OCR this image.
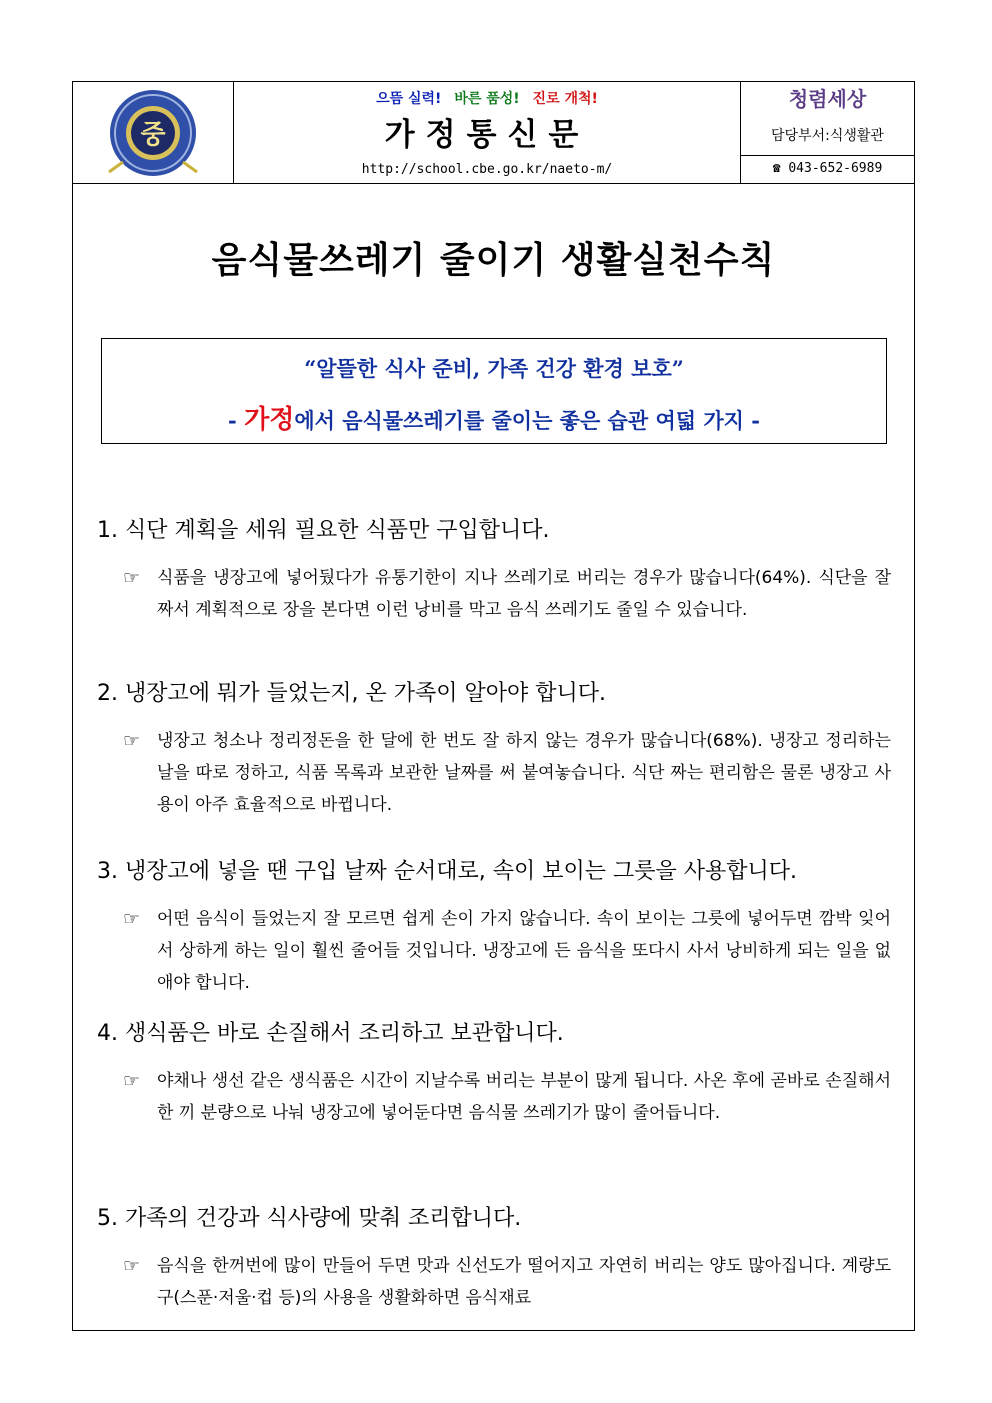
중
으뜸 실력! 바른 품성! 진로 개척!
가정통신문
http://school.cbe.go.kr/naeto-m/
청렴세상
담당부서:식생활관
☎ 043-652-6989
음식물쓰레기 줄이기 생활실천수칙
“알뜰한 식사 준비, 가족 건강 환경 보호”
- 가정에서 음식물쓰레기를 줄이는 좋은 습관 여덟 가지 -
1. 식단 계획을 세워 필요한 식품만 구입합니다.
☞ 식품을 냉장고에 넣어뒀다가 유통기한이 지나 쓰레기로 버리는 경우가 많습니다(64%). 식단을 잘 짜서 계획적으로 장을 본다면 이런 낭비를 막고 음식 쓰레기도 줄일 수 있습니다.
2. 냉장고에 뭐가 들었는지, 온 가족이 알아야 합니다.
☞ 냉장고 청소나 정리정돈을 한 달에 한 번도 잘 하지 않는 경우가 많습니다(68%). 냉장고 정리하는 날을 따로 정하고, 식품 목록과 보관한 날짜를 써 붙여놓습니다. 식단 짜는 편리함은 물론 냉장고 사용이 아주 효율적으로 바뀝니다.
3. 냉장고에 넣을 땐 구입 날짜 순서대로, 속이 보이는 그릇을 사용합니다.
☞ 어떤 음식이 들었는지 잘 모르면 쉽게 손이 가지 않습니다. 속이 보이는 그릇에 넣어두면 깜박 잊어서 상하게 하는 일이 훨씬 줄어들 것입니다. 냉장고에 든 음식을 또다시 사서 낭비하게 되는 일을 없애야 합니다.
4. 생식품은 바로 손질해서 조리하고 보관합니다.
☞ 야채나 생선 같은 생식품은 시간이 지날수록 버리는 부분이 많게 됩니다. 사온 후에 곧바로 손질해서 한 끼 분량으로 나눠 냉장고에 넣어둔다면 음식물 쓰레기가 많이 줄어듭니다.
5. 가족의 건강과 식사량에 맞춰 조리합니다.
☞ 음식을 한꺼번에 많이 만들어 두면 맛과 신선도가 떨어지고 자연히 버리는 양도 많아집니다. 계량도구(스푼·저울·컵 등)의 사용을 생활화하면 음식재료
